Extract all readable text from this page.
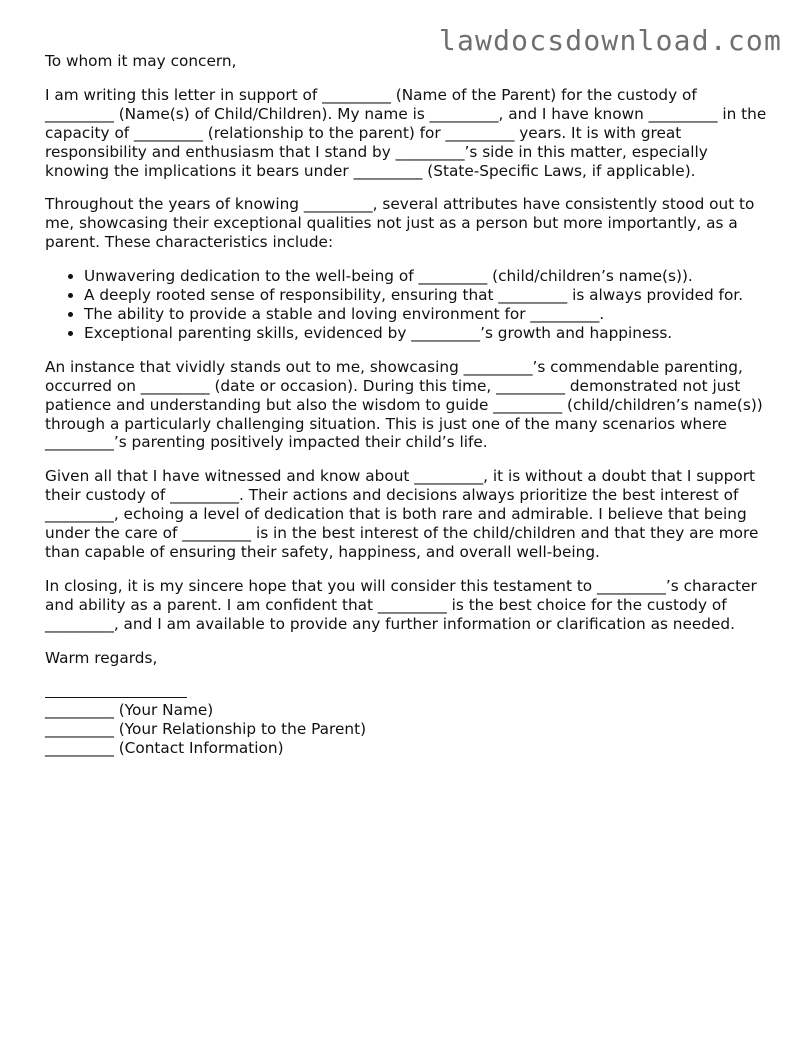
lawdocsdownload.com

To whom it may concern,

I am writing this letter in support of _________ (Name of the Parent) for the custody of _________ (Name(s) of Child/Children). My name is _________, and I have known _________ in the capacity of _________ (relationship to the parent) for _________ years. It is with great responsibility and enthusiasm that I stand by _________’s side in this matter, especially knowing the implications it bears under _________ (State-Specific Laws, if applicable).

Throughout the years of knowing _________, several attributes have consistently stood out to me, showcasing their exceptional qualities not just as a person but more importantly, as a parent. These characteristics include:

• Unwavering dedication to the well-being of _________ (child/children’s name(s)).
• A deeply rooted sense of responsibility, ensuring that _________ is always provided for.
• The ability to provide a stable and loving environment for _________.
• Exceptional parenting skills, evidenced by _________’s growth and happiness.

An instance that vividly stands out to me, showcasing _________’s commendable parenting, occurred on _________ (date or occasion). During this time, _________ demonstrated not just patience and understanding but also the wisdom to guide _________ (child/children’s name(s)) through a particularly challenging situation. This is just one of the many scenarios where _________’s parenting positively impacted their child’s life.

Given all that I have witnessed and know about _________, it is without a doubt that I support their custody of _________. Their actions and decisions always prioritize the best interest of _________, echoing a level of dedication that is both rare and admirable. I believe that being under the care of _________ is in the best interest of the child/children and that they are more than capable of ensuring their safety, happiness, and overall well-being.

In closing, it is my sincere hope that you will consider this testament to _________’s character and ability as a parent. I am confident that _________ is the best choice for the custody of _________, and I am available to provide any further information or clarification as needed.

Warm regards,

_________ (Your Name)
_________ (Your Relationship to the Parent)
_________ (Contact Information)
